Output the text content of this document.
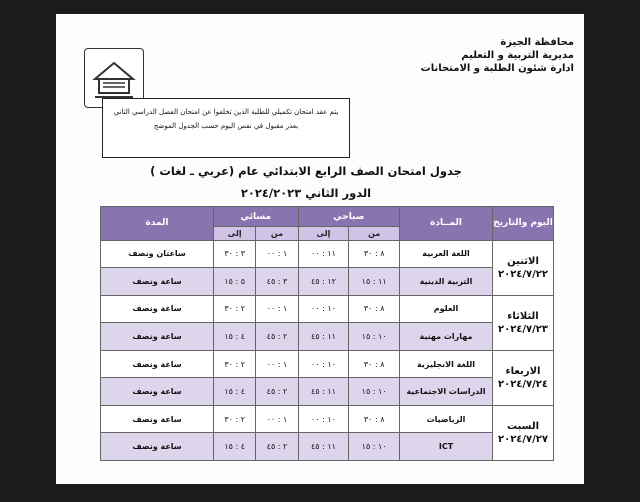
محافظة الجيزة
مديرية التربية و التعليم
ادارة شئون الطلبة و الامتحانات
يتم عقد امتحان تكميلي للطلبة الذين تخلفوا عن امتحان الفصل الدراسي الثاني
بعذر مقبول في نفس اليوم حسب الجدول الموضح
جدول امتحان الصف الرابع الابتدائي عام (عربي ـ لغات )
الدور الثاني ٢٠٢٤/٢٠٢٣
اليوم والتاريخ	المــادة	صباحي		مسائي		المدة
		من	إلى	من	إلى	

الاثنين
٢٠٢٤/٧/٢٢	اللغة العربية	٨ : ٣٠	١١ : ٠٠	١ : ٠٠	٣ : ٣٠	ساعتان ونصف
	التربية الدينية	١١ : ١٥	١٢ : ٤٥	٣ : ٤٥	٥ : ١٥	ساعة ونصف

الثلاثاء
٢٠٢٤/٧/٢٣	العلوم	٨ : ٣٠	١٠ : ٠٠	١ : ٠٠	٢ : ٣٠	ساعة ونصف
	مهارات مهنية	١٠ : ١٥	١١ : ٤٥	٢ : ٤٥	٤ : ١٥	ساعة ونصف

الاربعاء
٢٠٢٤/٧/٢٤	اللغة الانجليزية	٨ : ٣٠	١٠ : ٠٠	١ : ٠٠	٢ : ٣٠	ساعة ونصف
	الدراسات الاجتماعية	١٠ : ١٥	١١ : ٤٥	٢ : ٤٥	٤ : ١٥	ساعة ونصف

السبت
٢٠٢٤/٧/٢٧	الرياضيات	٨ : ٣٠	١٠ : ٠٠	١ : ٠٠	٢ : ٣٠	ساعة ونصف
	ICT	١٠ : ١٥	١١ : ٤٥	٢ : ٤٥	٤ : ١٥	ساعة ونصف
